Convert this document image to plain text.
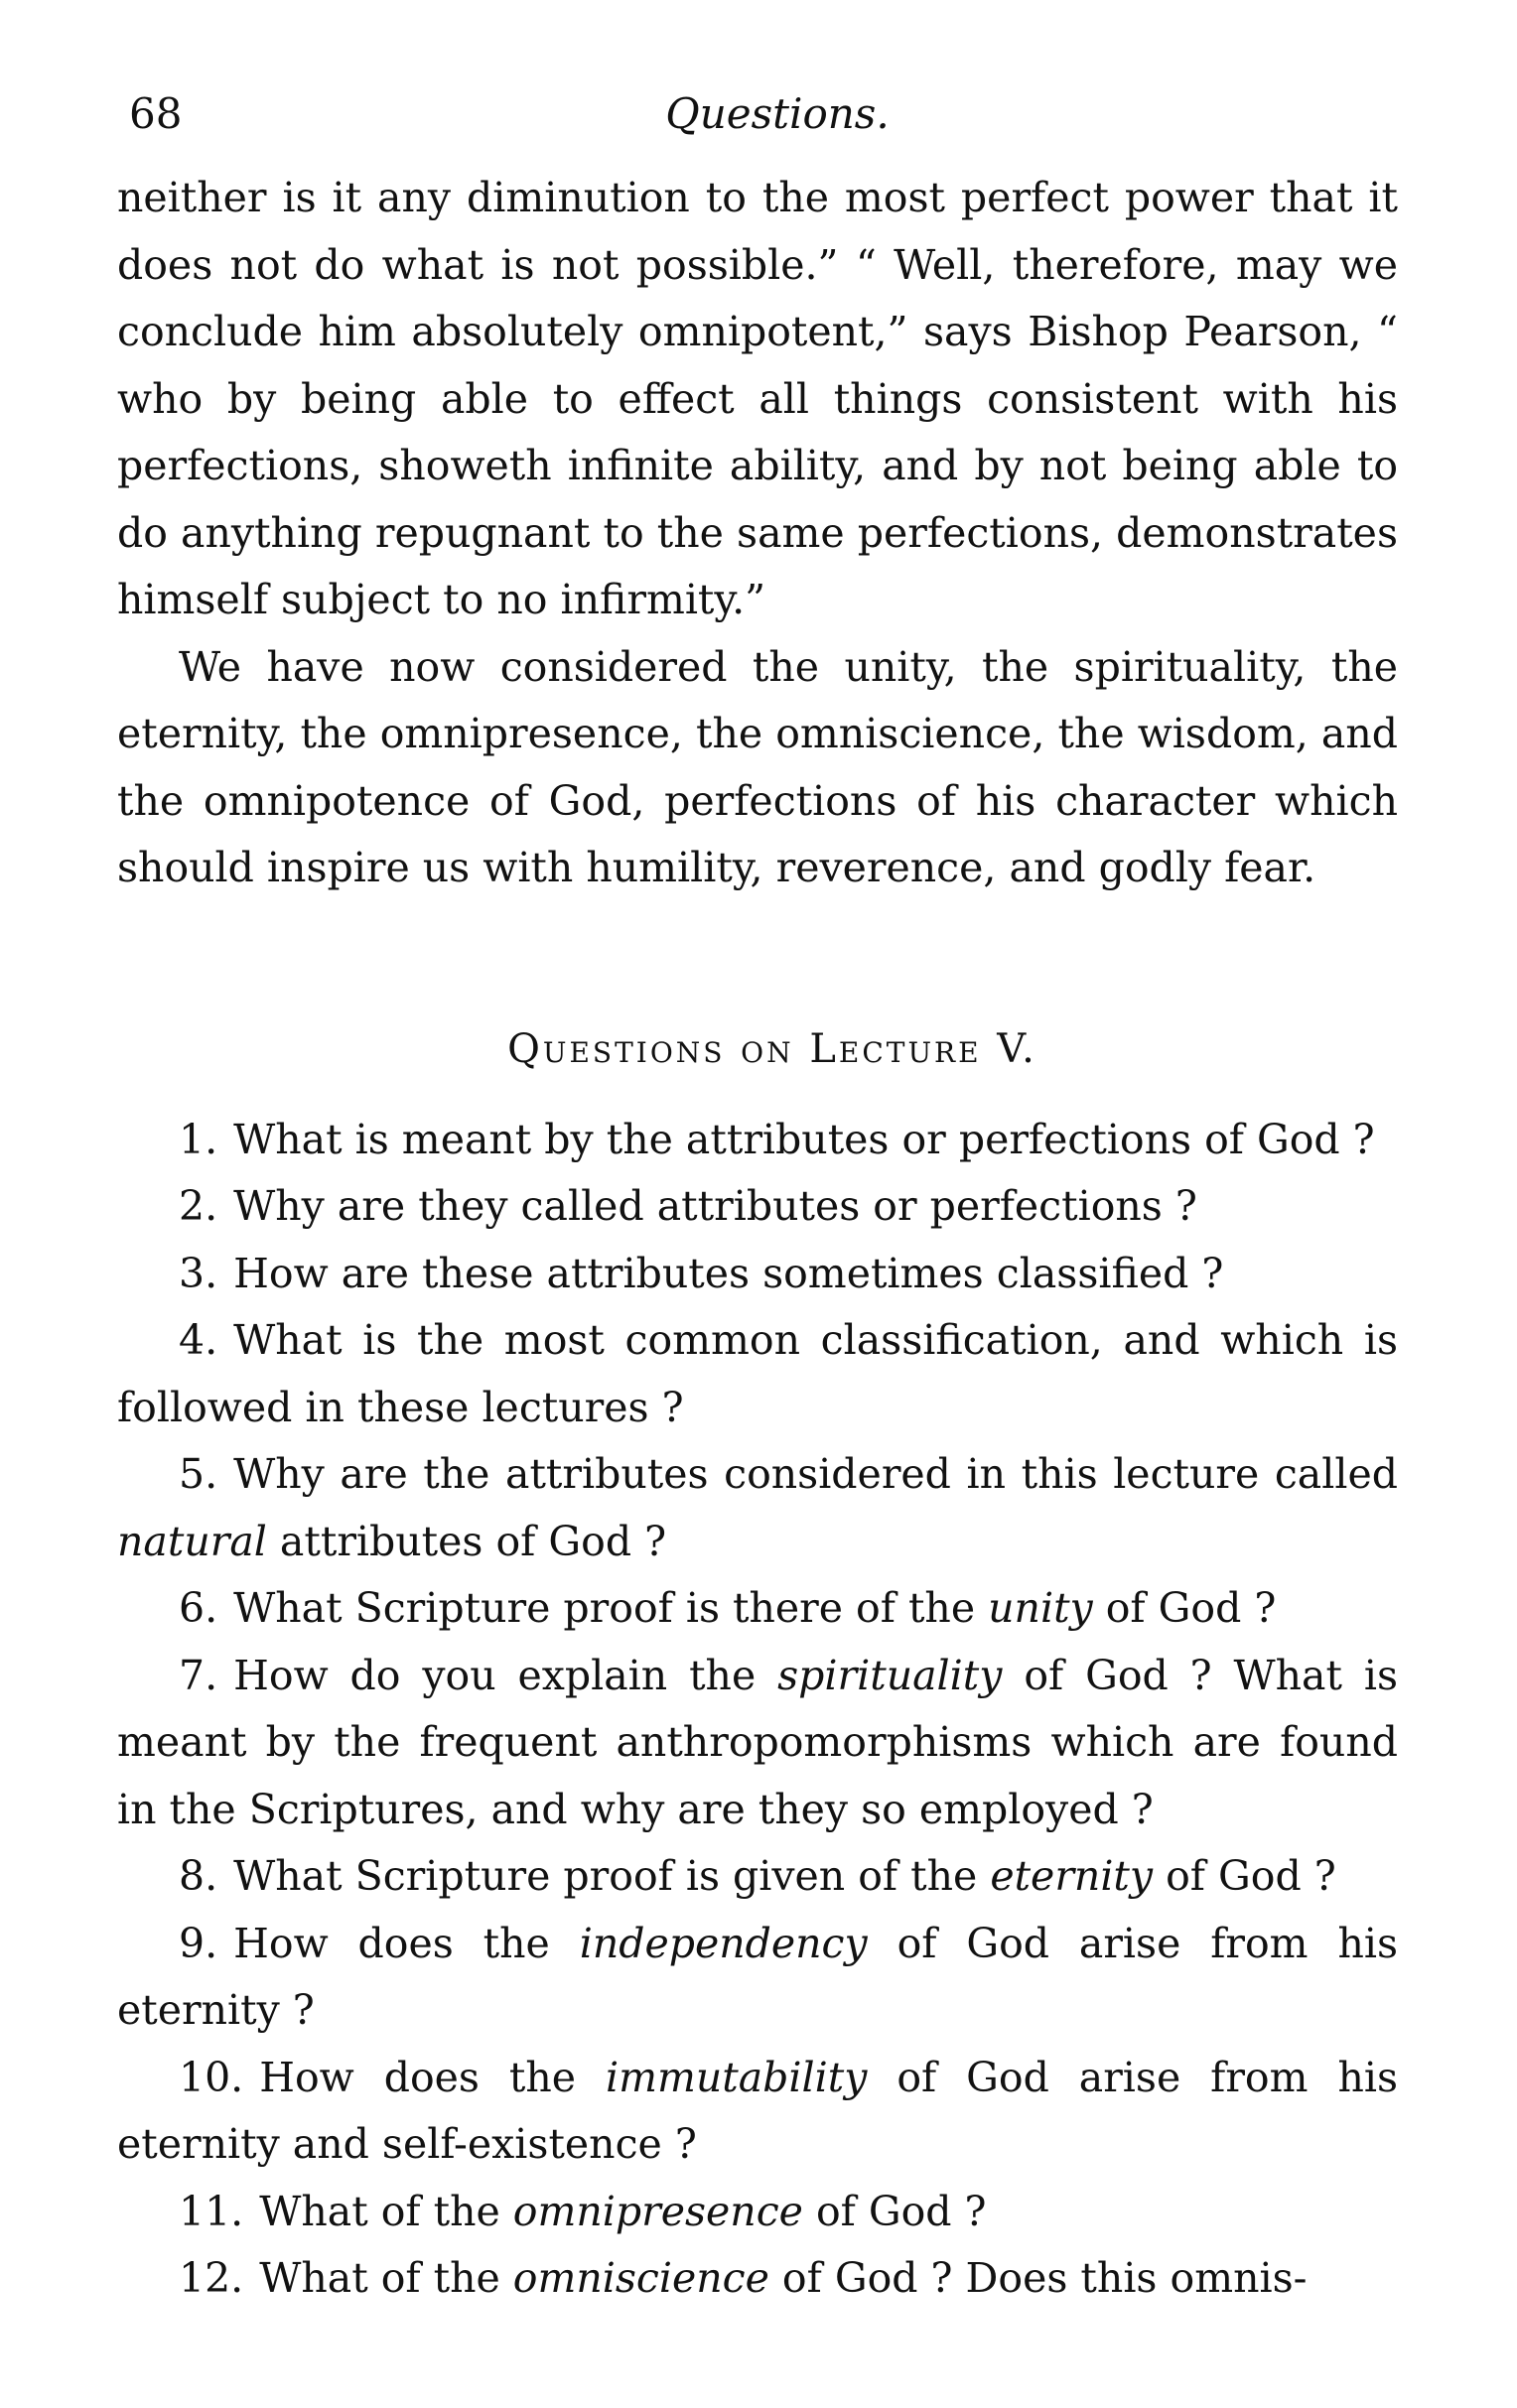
68	Questions.

neither is it any diminution to the most perfect power that it does not do what is not possible.” “ Well, therefore, may we conclude him absolutely omnipotent,” says Bishop Pearson, “ who by being able to effect all things consistent with his perfections, showeth infinite ability, and by not being able to do anything repugnant to the same perfections, demonstrates himself subject to no infirmity.”

We have now considered the unity, the spirituality, the eternity, the omnipresence, the omniscience, the wisdom, and the omnipotence of God, perfections of his character which should inspire us with humility, reverence, and godly fear.

Questions on Lecture V.

1. What is meant by the attributes or perfections of God ?

2. Why are they called attributes or perfections ?

3. How are these attributes sometimes classified ?

4. What is the most common classification, and which is followed in these lectures ?

5. Why are the attributes considered in this lecture called natural attributes of God ?

6. What Scripture proof is there of the unity of God ?

7. How do you explain the spirituality of God ? What is meant by the frequent anthropomorphisms which are found in the Scriptures, and why are they so employed ?

8. What Scripture proof is given of the eternity of God ?

9. How does the independency of God arise from his eternity ?

10. How does the immutability of God arise from his eternity and self-existence ?

11. What of the omnipresence of God ?

12. What of the omniscience of God ? Does this omnis-
